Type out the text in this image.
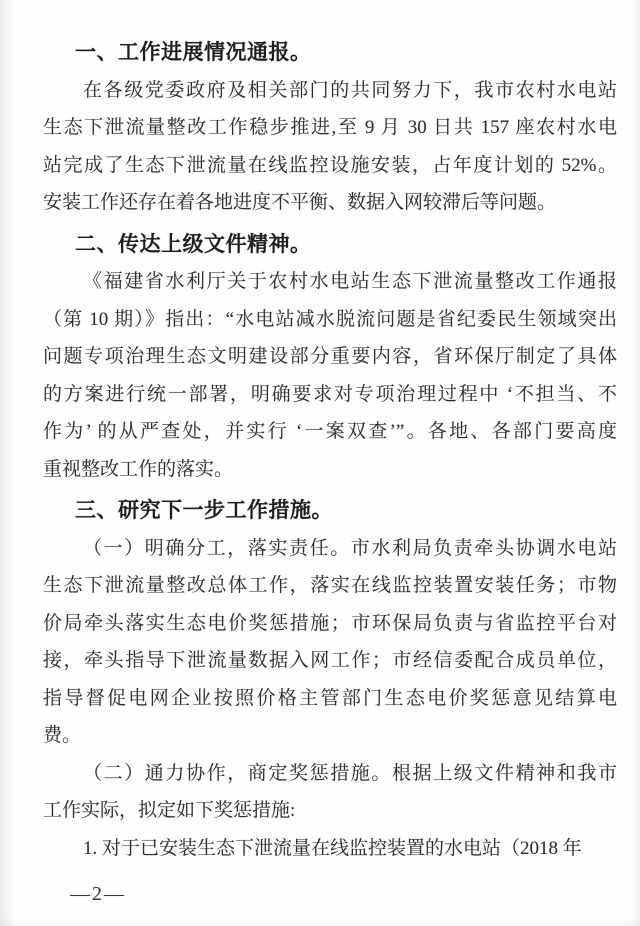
一、工作进展情况通报。
在各级党委政府及相关部门的共同努力下，我市农村水电站
生态下泄流量整改工作稳步推进,至 9 月 30 日共 157 座农村水电
站完成了生态下泄流量在线监控设施安装，占年度计划的 52%。
安装工作还存在着各地进度不平衡、数据入网较滞后等问题。
二、传达上级文件精神。
《福建省水利厅关于农村水电站生态下泄流量整改工作通报
（第 10 期）》指出：“水电站减水脱流问题是省纪委民生领域突出
问题专项治理生态文明建设部分重要内容，省环保厅制定了具体
的方案进行统一部署，明确要求对专项治理过程中 ‘不担当、不
作为’ 的从严查处，并实行 ‘一案双查’”。各地、各部门要高度
重视整改工作的落实。
三、研究下一步工作措施。
（一）明确分工，落实责任。市水利局负责牵头协调水电站
生态下泄流量整改总体工作，落实在线监控装置安装任务；市物
价局牵头落实生态电价奖惩措施；市环保局负责与省监控平台对
接，牵头指导下泄流量数据入网工作；市经信委配合成员单位，
指导督促电网企业按照价格主管部门生态电价奖惩意见结算电
费。
（二）通力协作，商定奖惩措施。根据上级文件精神和我市
工作实际，拟定如下奖惩措施:
1. 对于已安装生态下泄流量在线监控装置的水电站（2018 年
—2—
